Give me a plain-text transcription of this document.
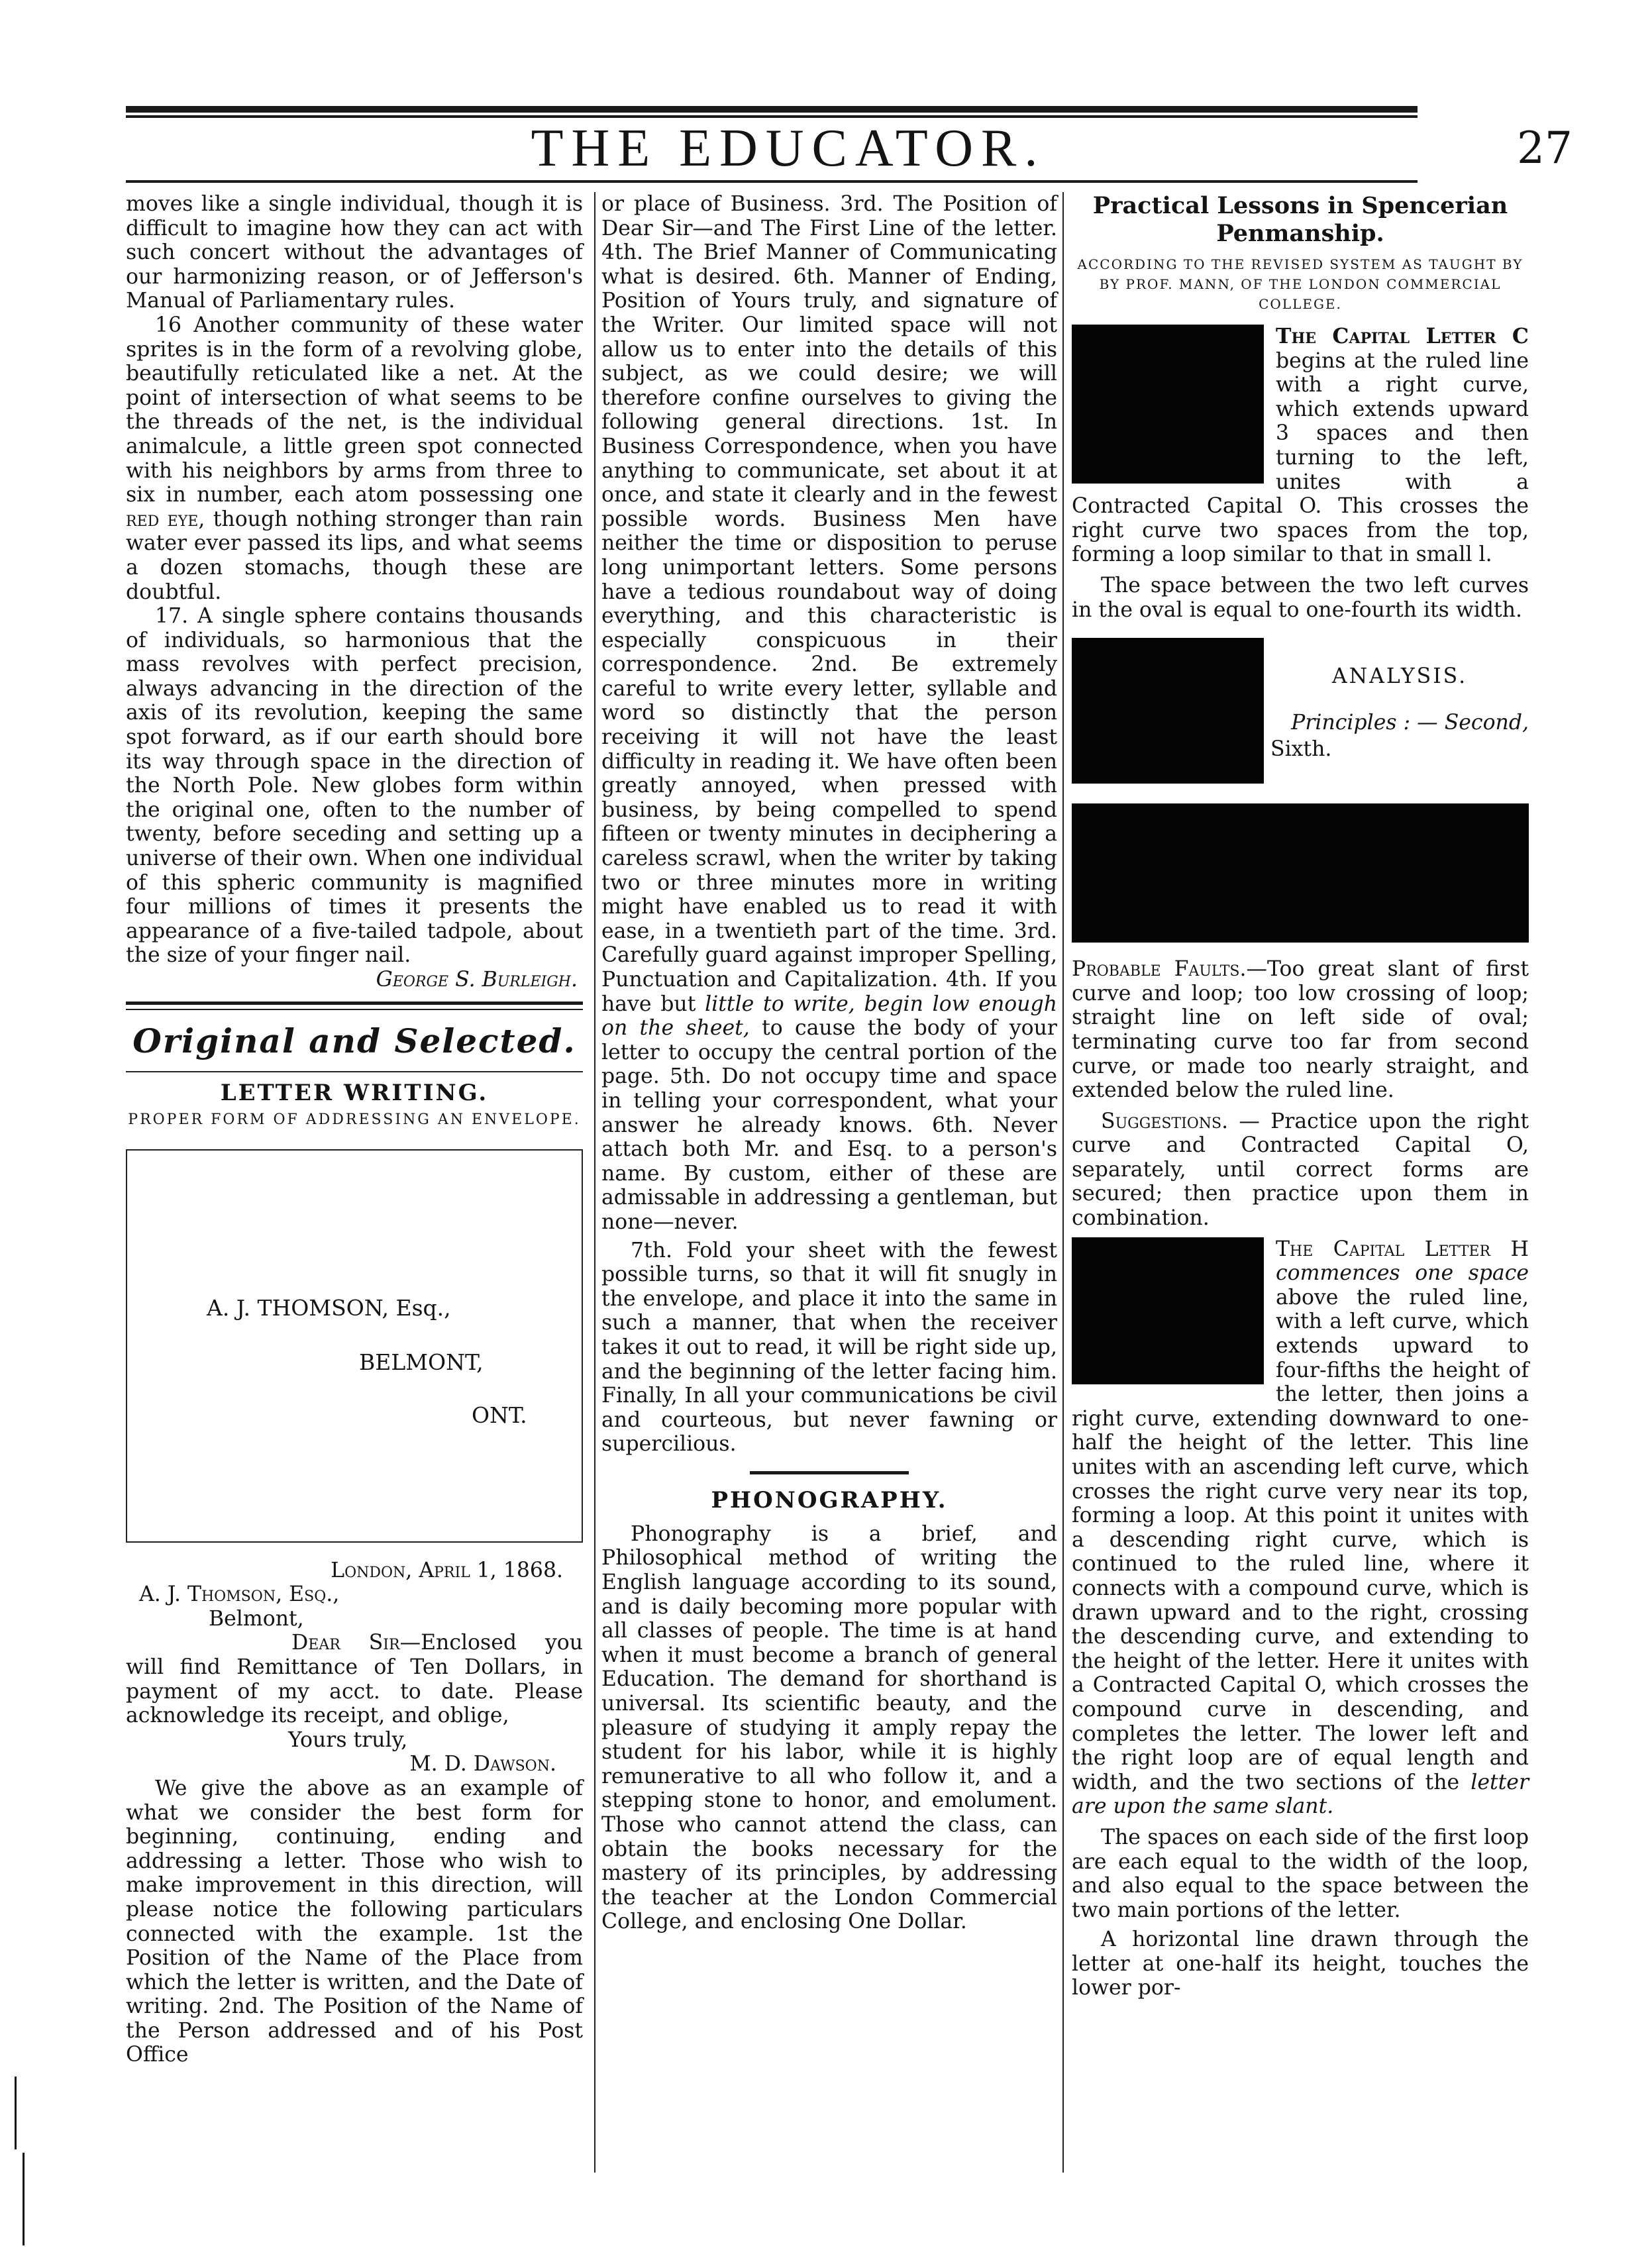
THE EDUCATOR.	27

moves like a single individual, though it is difficult to imagine how they can act with such concert without the advantages of our harmonizing reason, or of Jefferson's Manual of Parliamentary rules.

16 Another community of these water sprites is in the form of a revolving globe, beautifully reticulated like a net. At the point of intersection of what seems to be the threads of the net, is the individual animalcule, a little green spot connected with his neighbors by arms from three to six in number, each atom possessing one red eye, though nothing stronger than rain water ever passed its lips, and what seems a dozen stomachs, though these are doubtful.

17. A single sphere contains thousands of individuals, so harmonious that the mass revolves with perfect precision, always advancing in the direction of the axis of its revolution, keeping the same spot forward, as if our earth should bore its way through space in the direction of the North Pole. New globes form within the original one, often to the number of twenty, before seceding and setting up a universe of their own. When one individual of this spheric community is magnified four millions of times it presents the appearance of a five-tailed tadpole, about the size of your finger nail.

George S. Burleigh.

Original and Selected.
LETTER WRITING.
PROPER FORM OF ADDRESSING AN ENVELOPE.
A. J. THOMSON, Esq.,
BELMONT,
ONT.

London, April 1, 1868.

A. J. Thomson, Esq.,

Belmont,

Dear Sir—Enclosed you will find Remittance of Ten Dollars, in payment of my acct. to date. Please acknowledge its receipt, and oblige,

Yours truly,

M. D. Dawson.

We give the above as an example of what we consider the best form for beginning, continuing, ending and addressing a letter. Those who wish to make improvement in this direction, will please notice the following particulars connected with the example. 1st the Position of the Name of the Place from which the letter is written, and the Date of writing. 2nd. The Position of the Name of the Person addressed and of his Post Office

or place of Business. 3rd. The Position of Dear Sir—and The First Line of the letter. 4th. The Brief Manner of Communicating what is desired. 6th. Manner of Ending, Position of Yours truly, and signature of the Writer. Our limited space will not allow us to enter into the details of this subject, as we could desire; we will therefore confine ourselves to giving the following general directions. 1st. In Business Correspondence, when you have anything to communicate, set about it at once, and state it clearly and in the fewest possible words. Business Men have neither the time or disposition to peruse long unimportant letters. Some persons have a tedious roundabout way of doing everything, and this characteristic is especially conspicuous in their correspondence. 2nd. Be extremely careful to write every letter, syllable and word so distinctly that the person receiving it will not have the least difficulty in reading it. We have often been greatly annoyed, when pressed with business, by being compelled to spend fifteen or twenty minutes in deciphering a careless scrawl, when the writer by taking two or three minutes more in writing might have enabled us to read it with ease, in a twentieth part of the time. 3rd. Carefully guard against improper Spelling, Punctuation and Capitalization. 4th. If you have but little to write, begin low enough on the sheet, to cause the body of your letter to occupy the central portion of the page. 5th. Do not occupy time and space in telling your correspondent, what your answer he already knows. 6th. Never attach both Mr. and Esq. to a person's name. By custom, either of these are admissable in addressing a gentleman, but none—never.

7th. Fold your sheet with the fewest possible turns, so that it will fit snugly in the envelope, and place it into the same in such a manner, that when the receiver takes it out to read, it will be right side up, and the beginning of the letter facing him. Finally, In all your communications be civil and courteous, but never fawning or supercilious.

PHONOGRAPHY.

Phonography is a brief, and Philosophical method of writing the English language according to its sound, and is daily becoming more popular with all classes of people. The time is at hand when it must become a branch of general Education. The demand for shorthand is universal. Its scientific beauty, and the pleasure of studying it amply repay the student for his labor, while it is highly remunerative to all who follow it, and a stepping stone to honor, and emolument. Those who cannot attend the class, can obtain the books necessary for the mastery of its principles, by addressing the teacher at the London Commercial College, and enclosing One Dollar.

Practical Lessons in Spencerian Penmanship.

ACCORDING TO THE REVISED SYSTEM AS TAUGHT BY BY PROF. MANN, OF THE LONDON COMMERCIAL COLLEGE.

The Capital Letter C begins at the ruled line with a right curve, which extends upward 3 spaces and then turning to the left, unites with a Contracted Capital O. This crosses the right curve two spaces from the top, forming a loop similar to that in small l.

The space between the two left curves in the oval is equal to one-fourth its width.

ANALYSIS.
Principles : — Second,
Sixth.

Probable Faults.—Too great slant of first curve and loop; too low crossing of loop; straight line on left side of oval; terminating curve too far from second curve, or made too nearly straight, and extended below the ruled line.

Suggestions. — Practice upon the right curve and Contracted Capital O, separately, until correct forms are secured; then practice upon them in combination.

The Capital Letter H commences one space above the ruled line, with a left curve, which extends upward to four-fifths the height of the letter, then joins a right curve, extending downward to one-half the height of the letter. This line unites with an ascending left curve, which crosses the right curve very near its top, forming a loop. At this point it unites with a descending right curve, which is continued to the ruled line, where it connects with a compound curve, which is drawn upward and to the right, crossing the descending curve, and extending to the height of the letter. Here it unites with a Contracted Capital O, which crosses the compound curve in descending, and completes the letter. The lower left and the right loop are of equal length and width, and the two sections of the letter are upon the same slant.

The spaces on each side of the first loop are each equal to the width of the loop, and also equal to the space between the two main portions of the letter.

A horizontal line drawn through the letter at one-half its height, touches the lower por-
